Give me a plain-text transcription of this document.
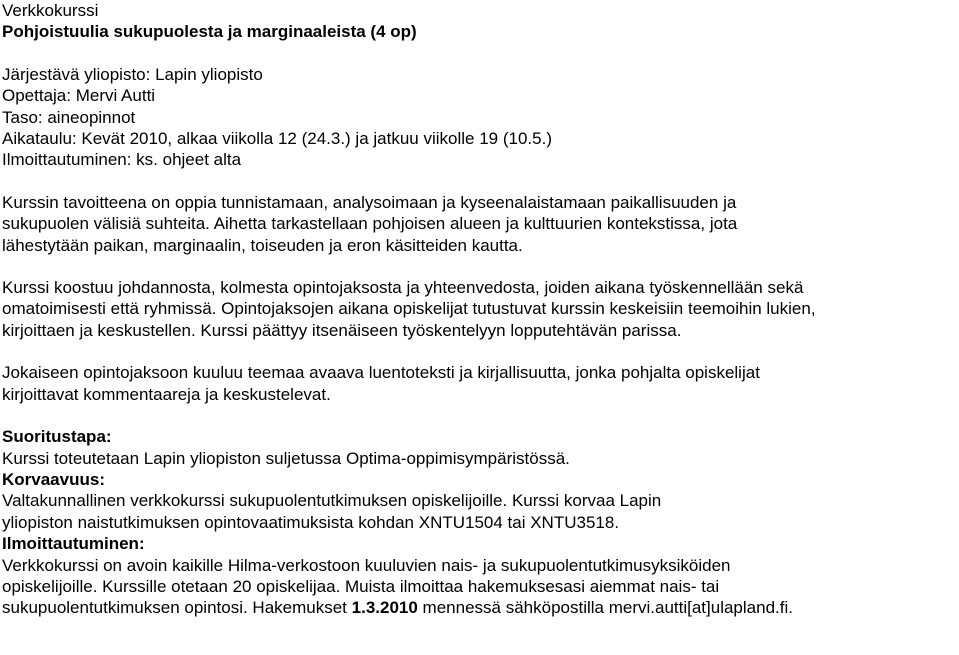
Verkkokurssi
Pohjoistuulia sukupuolesta ja marginaaleista (4 op)
Järjestävä yliopisto: Lapin yliopisto
Opettaja: Mervi Autti
Taso: aineopinnot
Aikataulu: Kevät 2010, alkaa viikolla 12 (24.3.) ja jatkuu viikolle 19 (10.5.)
Ilmoittautuminen: ks. ohjeet alta
Kurssin tavoitteena on oppia tunnistamaan, analysoimaan ja kyseenalaistamaan paikallisuuden ja
sukupuolen välisiä suhteita. Aihetta tarkastellaan pohjoisen alueen ja kulttuurien kontekstissa, jota
lähestytään paikan, marginaalin, toiseuden ja eron käsitteiden kautta.
Kurssi koostuu johdannosta, kolmesta opintojaksosta ja yhteenvedosta, joiden aikana työskennellään sekä
omatoimisesti että ryhmissä. Opintojaksojen aikana opiskelijat tutustuvat kurssin keskeisiin teemoihin lukien,
kirjoittaen ja keskustellen. Kurssi päättyy itsenäiseen työskentelyyn lopputehtävän parissa.
Jokaiseen opintojaksoon kuuluu teemaa avaava luentoteksti ja kirjallisuutta, jonka pohjalta opiskelijat
kirjoittavat kommentaareja ja keskustelevat.
Suoritustapa:
Kurssi toteutetaan Lapin yliopiston suljetussa Optima-oppimisympäristössä.
Korvaavuus:
Valtakunnallinen verkkokurssi sukupuolentutkimuksen opiskelijoille. Kurssi korvaa Lapin
yliopiston naistutkimuksen opintovaatimuksista kohdan XNTU1504 tai XNTU3518.
Ilmoittautuminen:
Verkkokurssi on avoin kaikille Hilma-verkostoon kuuluvien nais- ja sukupuolentutkimusyksiköiden
opiskelijoille. Kurssille otetaan 20 opiskelijaa. Muista ilmoittaa hakemuksesasi aiemmat nais- tai
sukupuolentutkimuksen opintosi. Hakemukset 1.3.2010 mennessä sähköpostilla mervi.autti[at]ulapland.fi.
